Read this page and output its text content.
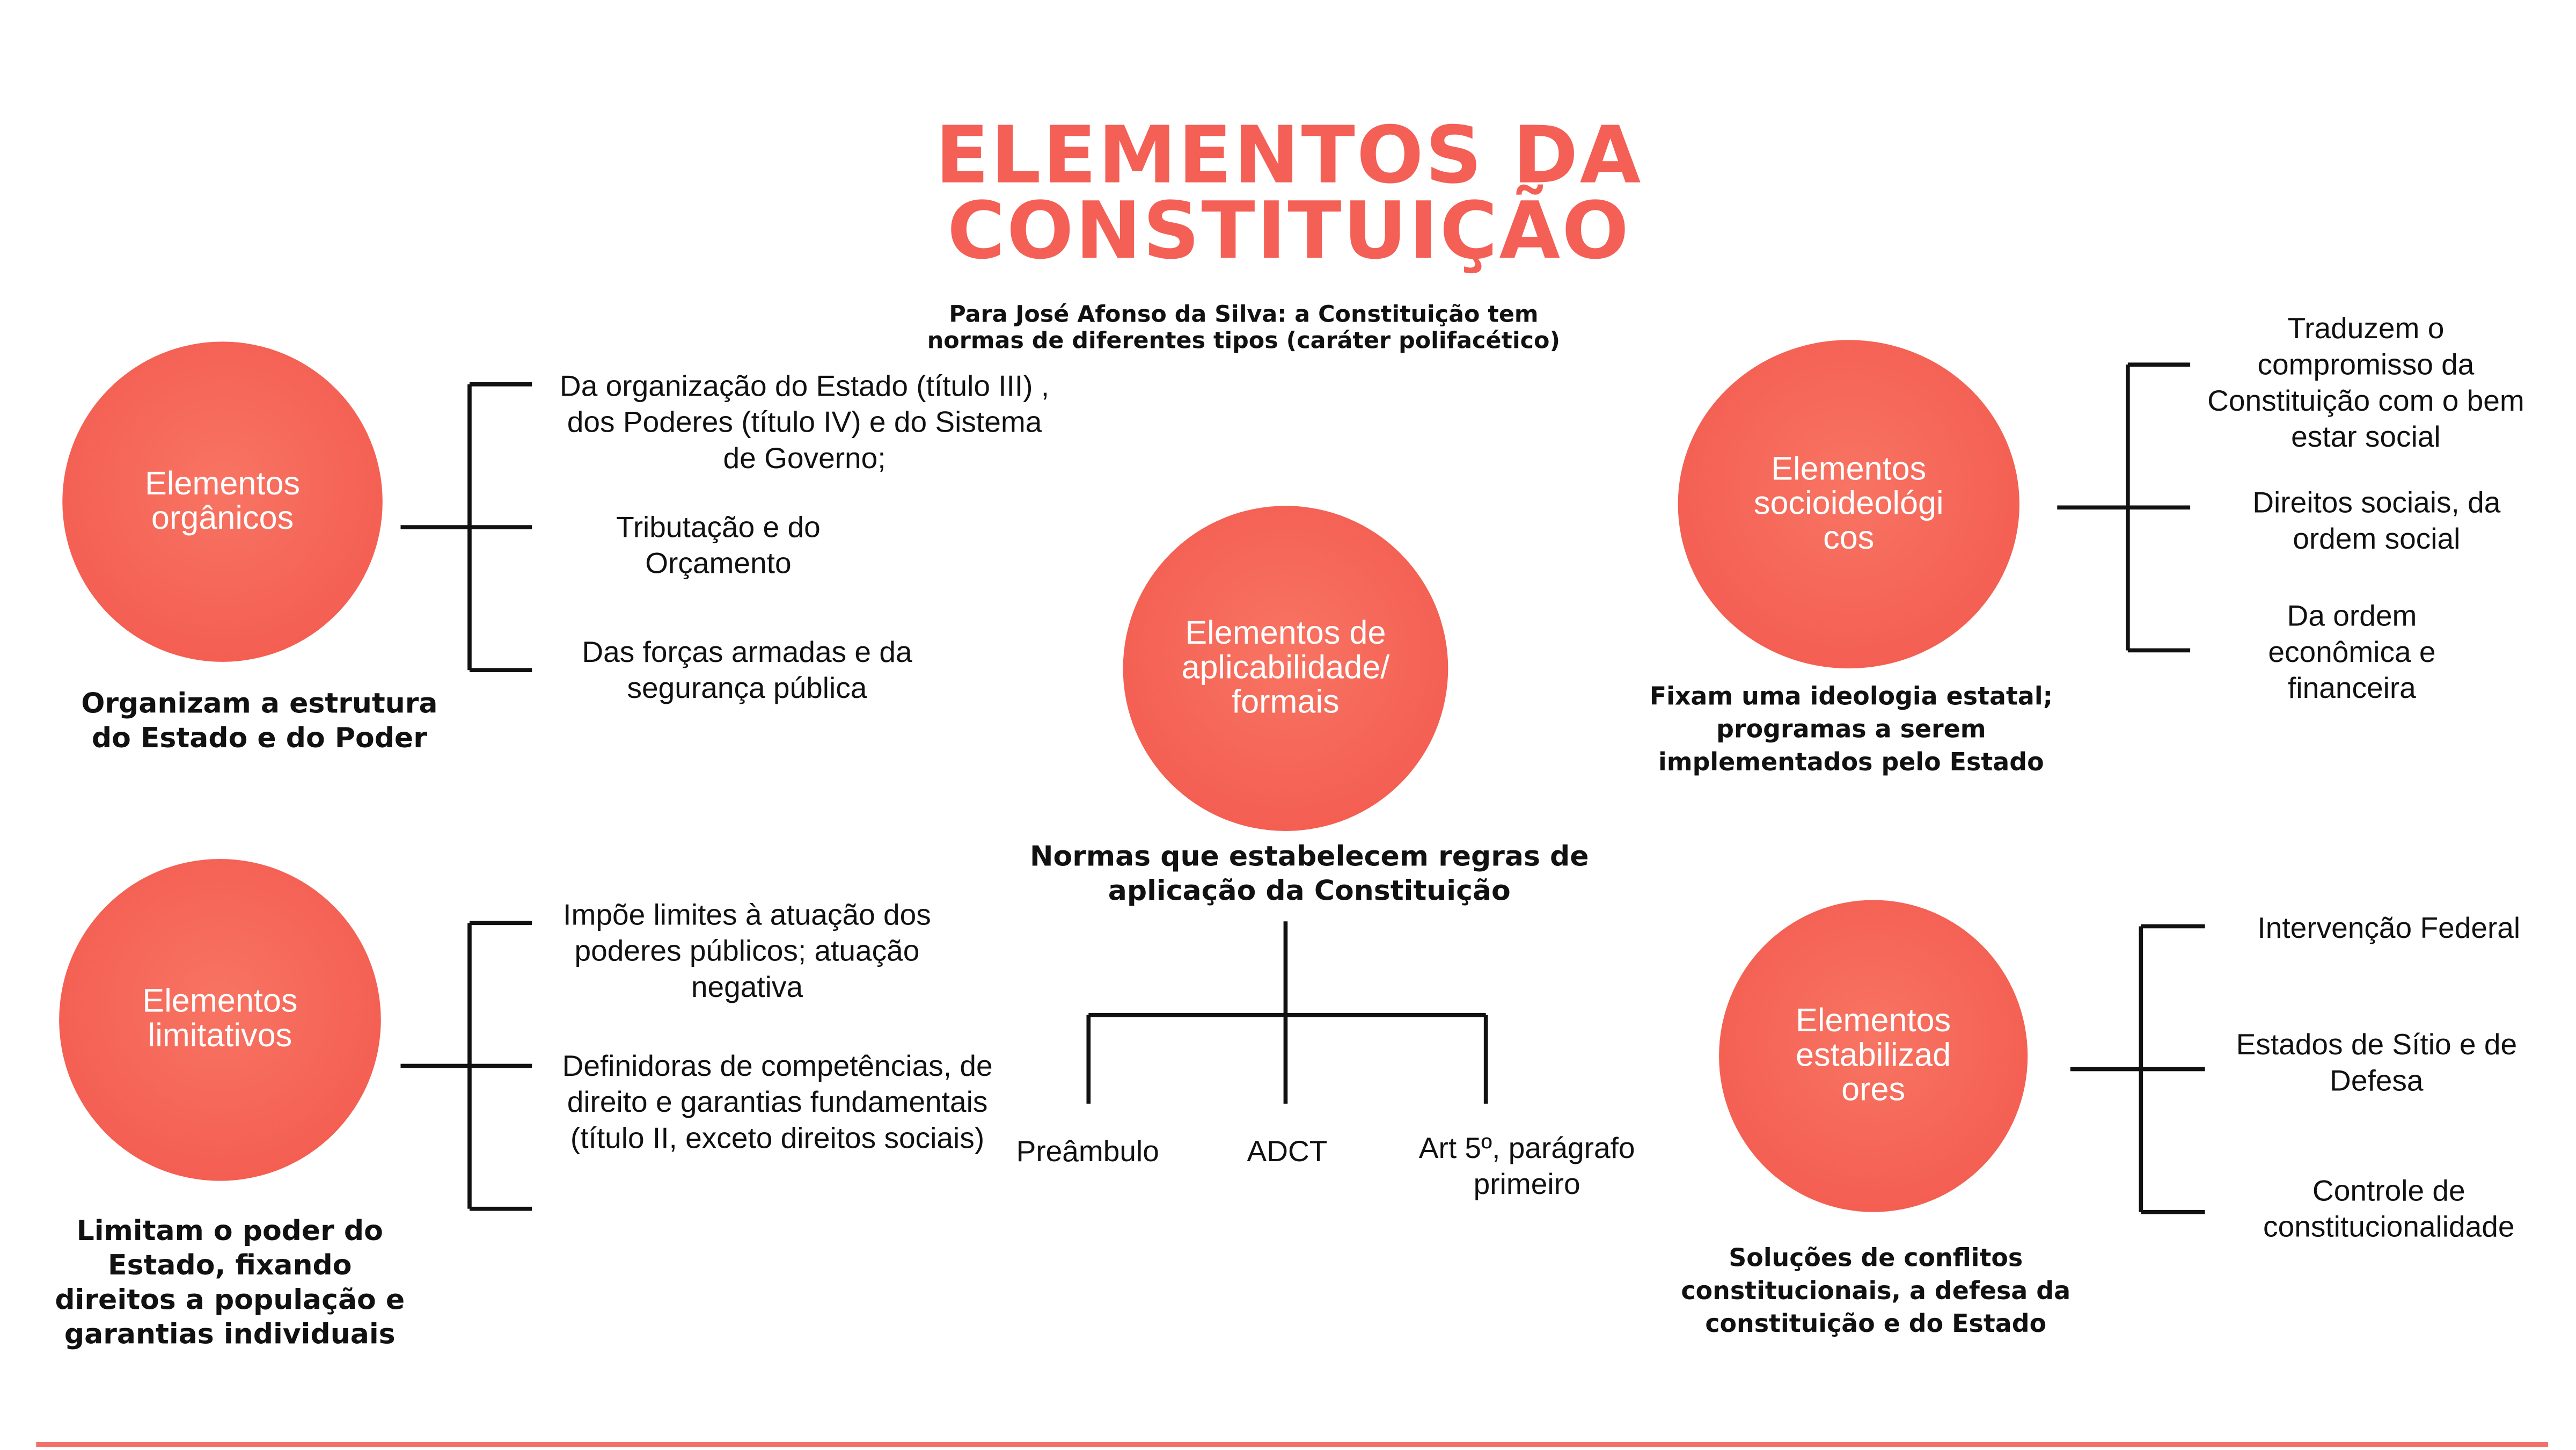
ELEMENTOS DA
CONSTITUIÇÃO
Para José Afonso da Silva: a Constituição tem normas de diferentes tipos (caráter polifacético)
Elementos
orgânicos
Da organização do Estado (título III) , dos Poderes (título IV) e do Sistema de Governo;
Tributação e do Orçamento
Das forças armadas e da segurança pública
Organizam a estrutura do Estado e do Poder
Elementos
limitativos
Impõe limites à atuação dos poderes públicos; atuação negativa
Definidoras de competências, de direito e garantias fundamentais (título II, exceto direitos sociais)
Limitam o poder do Estado, fixando direitos a população e garantias individuais
Elementos de
aplicabilidade/
formais
Normas que estabelecem regras de aplicação da Constituição
Preâmbulo	ADCT	Art 5º, parágrafo primeiro
Elementos
socioideológi
cos
Traduzem o compromisso da Constituição com o bem estar social
Direitos sociais, da ordem social
Da ordem econômica e financeira
Fixam uma ideologia estatal; programas a serem implementados pelo Estado
Elementos
estabilizad
ores
Intervenção Federal
Estados de Sítio e de Defesa
Controle de constitucionalidade
Soluções de conflitos constitucionais, a defesa da constituição e do Estado
